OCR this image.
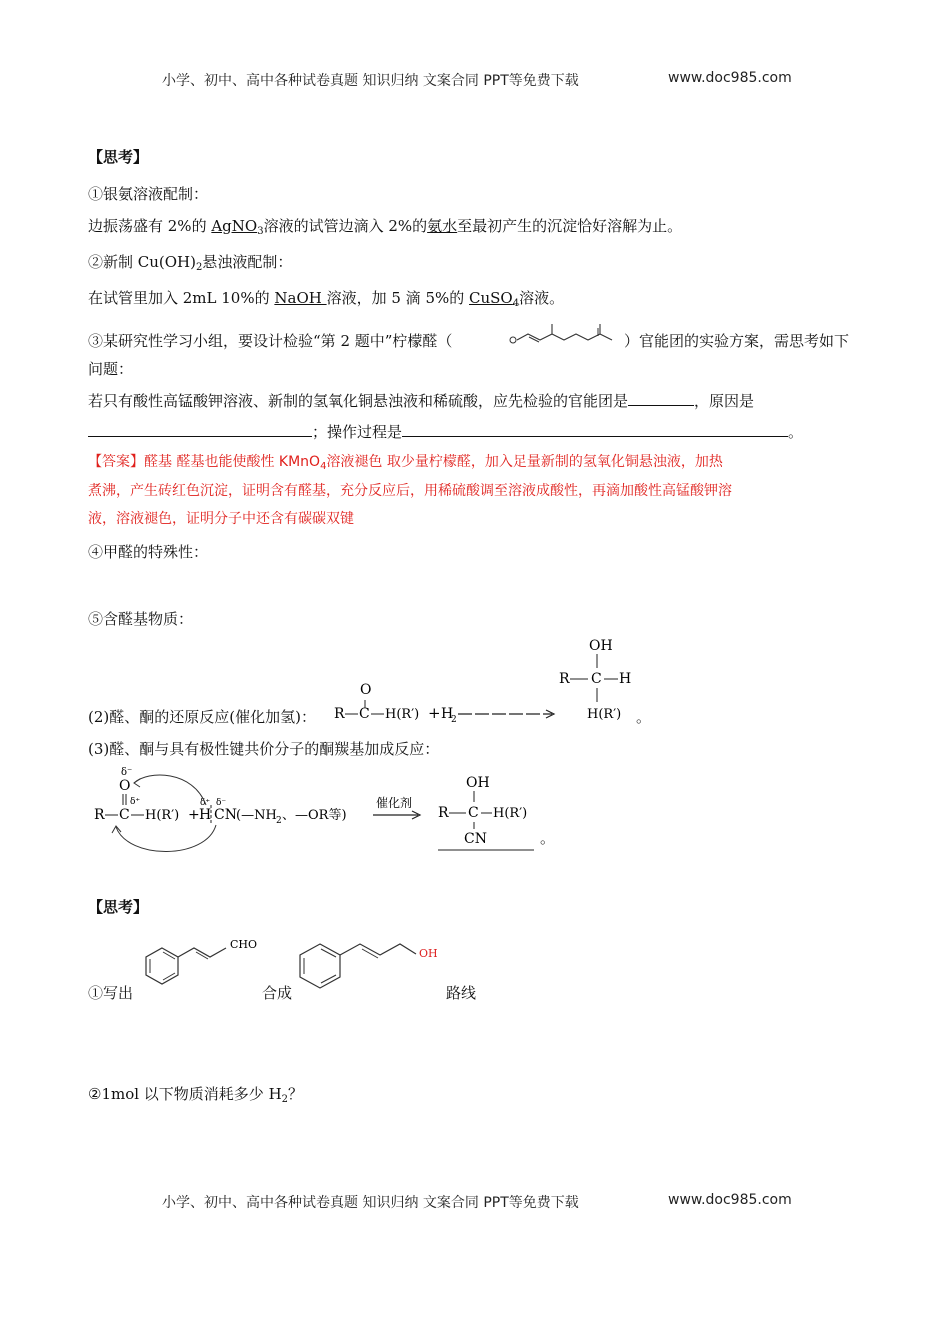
小学、初中、高中各种试卷真题 知识归纳 文案合同 PPT等免费下载	www.doc985.com
【思考】
①银氨溶液配制：
边振荡盛有 2%的 AgNO$_3$溶液的试管边滴入 2%的氨水至最初产生的沉淀恰好溶解为止。
②新制 $Cu(OH)_2$悬浊液配制：
在试管里加入 2mL 10%的 NaOH 溶液，加 5 滴 5%的 CuSO$_4$溶液。
③某研究性学习小组，要设计检验“第 2 题中”柠檬醛（	）官能团的实验方案，需思考如下
问题：
若只有酸性高锰酸钾溶液、新制的氢氧化铜悬浊液和稀硫酸，应先检验的官能团是	，原因是
；操作过程是	。
【答案】醛基 醛基也能使酸性 KMnO$_4$溶液褪色 取少量柠檬醛，加入足量新制的氢氧化铜悬浊液，加热
煮沸，产生砖红色沉淀，证明含有醛基，充分反应后，用稀硫酸调至溶液成酸性，再滴加酸性高锰酸钾溶
液，溶液褪色，证明分子中还含有碳碳双键
④甲醛的特殊性：
⑤含醛基物质：
(2)醛、酮的还原反应(催化加氢)： R C
O
H(R′) + H
2
OH
R C H
H(R′) 。
(3)醛、酮与具有极性键共价分子的酮羰基加成反应：
δ⁻
O
δ⁺
R C H(R′) +
δ⁺
H
δ⁻
CN (—NH 2 、—OR等)
催化剂
OH
R C H(R′)
CN	。
【思考】
CHO
OH
①写出	合成	路线
②1mol 以下物质消耗多少 $H_2$？
小学、初中、高中各种试卷真题 知识归纳 文案合同 PPT等免费下载	www.doc985.com
